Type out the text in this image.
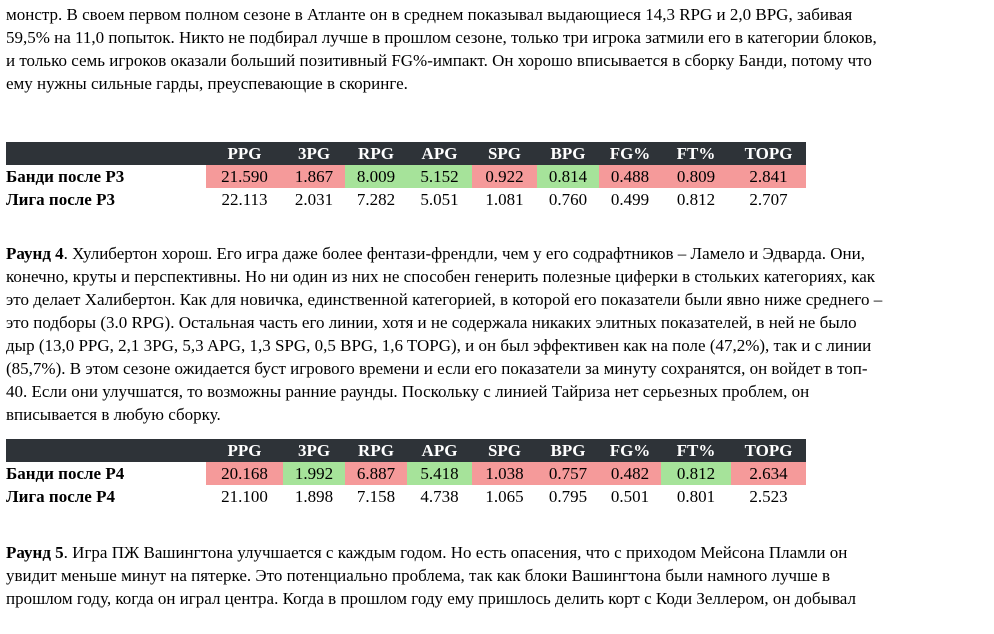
монстр. В своем первом полном сезоне в Атланте он в среднем показывал выдающиеся 14,3 RPG и 2,0 BPG, забивая
59,5% на 11,0 попыток. Никто не подбирал лучше в прошлом сезоне, только три игрока затмили его в категории блоков,
и только семь игроков оказали больший позитивный FG%-импакт. Он хорошо вписывается в сборку Банди, потому что
ему нужны сильные гарды, преуспевающие в скоринге.
	PPG	3PG	RPG	APG	SPG	BPG	FG%	FT%	TOPG
Банди после Р3	21.590	1.867	8.009	5.152	0.922	0.814	0.488	0.809	2.841
Лига после Р3	22.113	2.031	7.282	5.051	1.081	0.760	0.499	0.812	2.707
Раунд 4. Хулибертон хорош. Его игра даже более фентази-френдли, чем у его содрафтников – Ламело и Эдварда. Они,
конечно, круты и перспективны. Но ни один из них не способен генерить полезные циферки в стольких категориях, как
это делает Халибертон. Как для новичка, единственной категорией, в которой его показатели были явно ниже среднего –
это подборы (3.0 RPG). Остальная часть его линии, хотя и не содержала никаких элитных показателей, в ней не было
дыр (13,0 PPG, 2,1 3PG, 5,3 APG, 1,3 SPG, 0,5 BPG, 1,6 TOPG), и он был эффективен как на поле (47,2%), так и с линии
(85,7%). В этом сезоне ожидается буст игрового времени и если его показатели за минуту сохранятся, он войдет в топ-
40. Если они улучшатся, то возможны ранние раунды. Поскольку с линией Тайриза нет серьезных проблем, он
вписывается в любую сборку.
	PPG	3PG	RPG	APG	SPG	BPG	FG%	FT%	TOPG
Банди после Р4	20.168	1.992	6.887	5.418	1.038	0.757	0.482	0.812	2.634
Лига после Р4	21.100	1.898	7.158	4.738	1.065	0.795	0.501	0.801	2.523
Раунд 5. Игра ПЖ Вашингтона улучшается с каждым годом. Но есть опасения, что с приходом Мейсона Пламли он
увидит меньше минут на пятерке. Это потенциально проблема, так как блоки Вашингтона были намного лучше в
прошлом году, когда он играл центра. Когда в прошлом году ему пришлось делить корт с Коди Зеллером, он добывал
